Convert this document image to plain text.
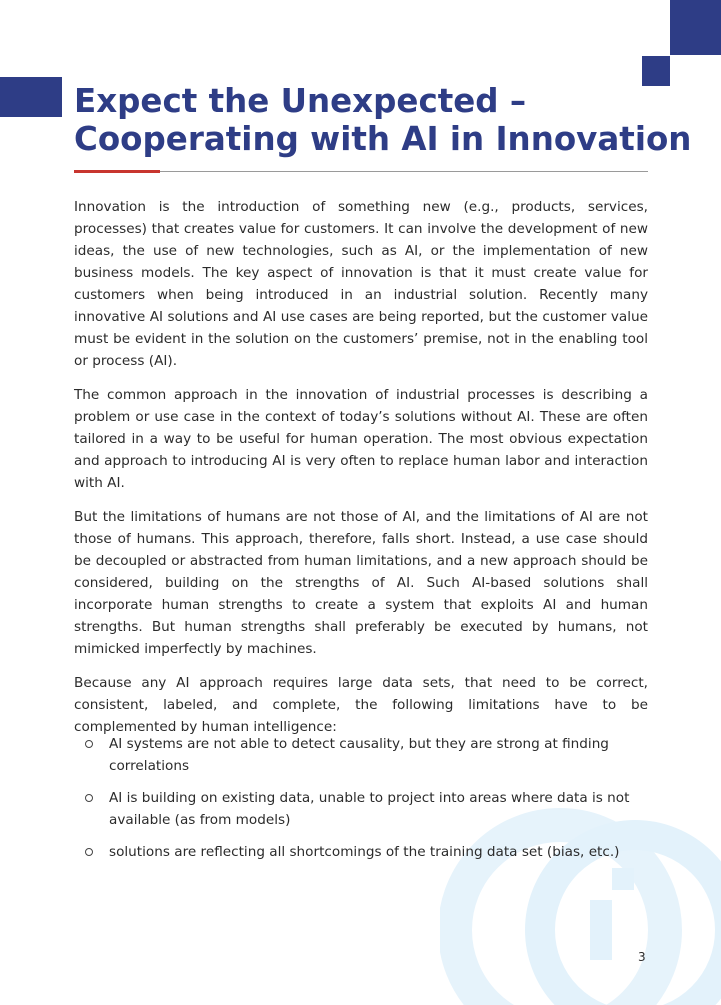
Expect the Unexpected –
Cooperating with AI in Innovation

Innovation is the introduction of something new (e.g., products, services, processes) that creates value for customers. It can involve the development of new ideas, the use of new technologies, such as AI, or the implementation of new business models. The key aspect of innovation is that it must create value for customers when being introduced in an industrial solution. Recently many innovative AI solutions and AI use cases are being reported, but the customer value must be evident in the solution on the customers’ premise, not in the enabling tool or process (AI).

The common approach in the innovation of industrial processes is describing a problem or use case in the context of today’s solutions without AI. These are often tailored in a way to be useful for human operation. The most obvious expectation and approach to introducing AI is very often to replace human labor and interaction with AI.

But the limitations of humans are not those of AI, and the limitations of AI are not those of humans. This approach, therefore, falls short. Instead, a use case should be decoupled or abstracted from human limitations, and a new approach should be considered, building on the strengths of AI. Such AI-based solutions shall incorporate human strengths to create a system that exploits AI and human strengths. But human strengths shall preferably be executed by humans, not mimicked imperfectly by machines.

Because any AI approach requires large data sets, that need to be correct, consistent, labeled, and complete, the following limitations have to be complemented by human intelligence:

AI systems are not able to detect causality, but they are strong at finding correlations
AI is building on existing data, unable to project into areas where data is not available (as from models)
solutions are reflecting all shortcomings of the training data set (bias, etc.)
3
